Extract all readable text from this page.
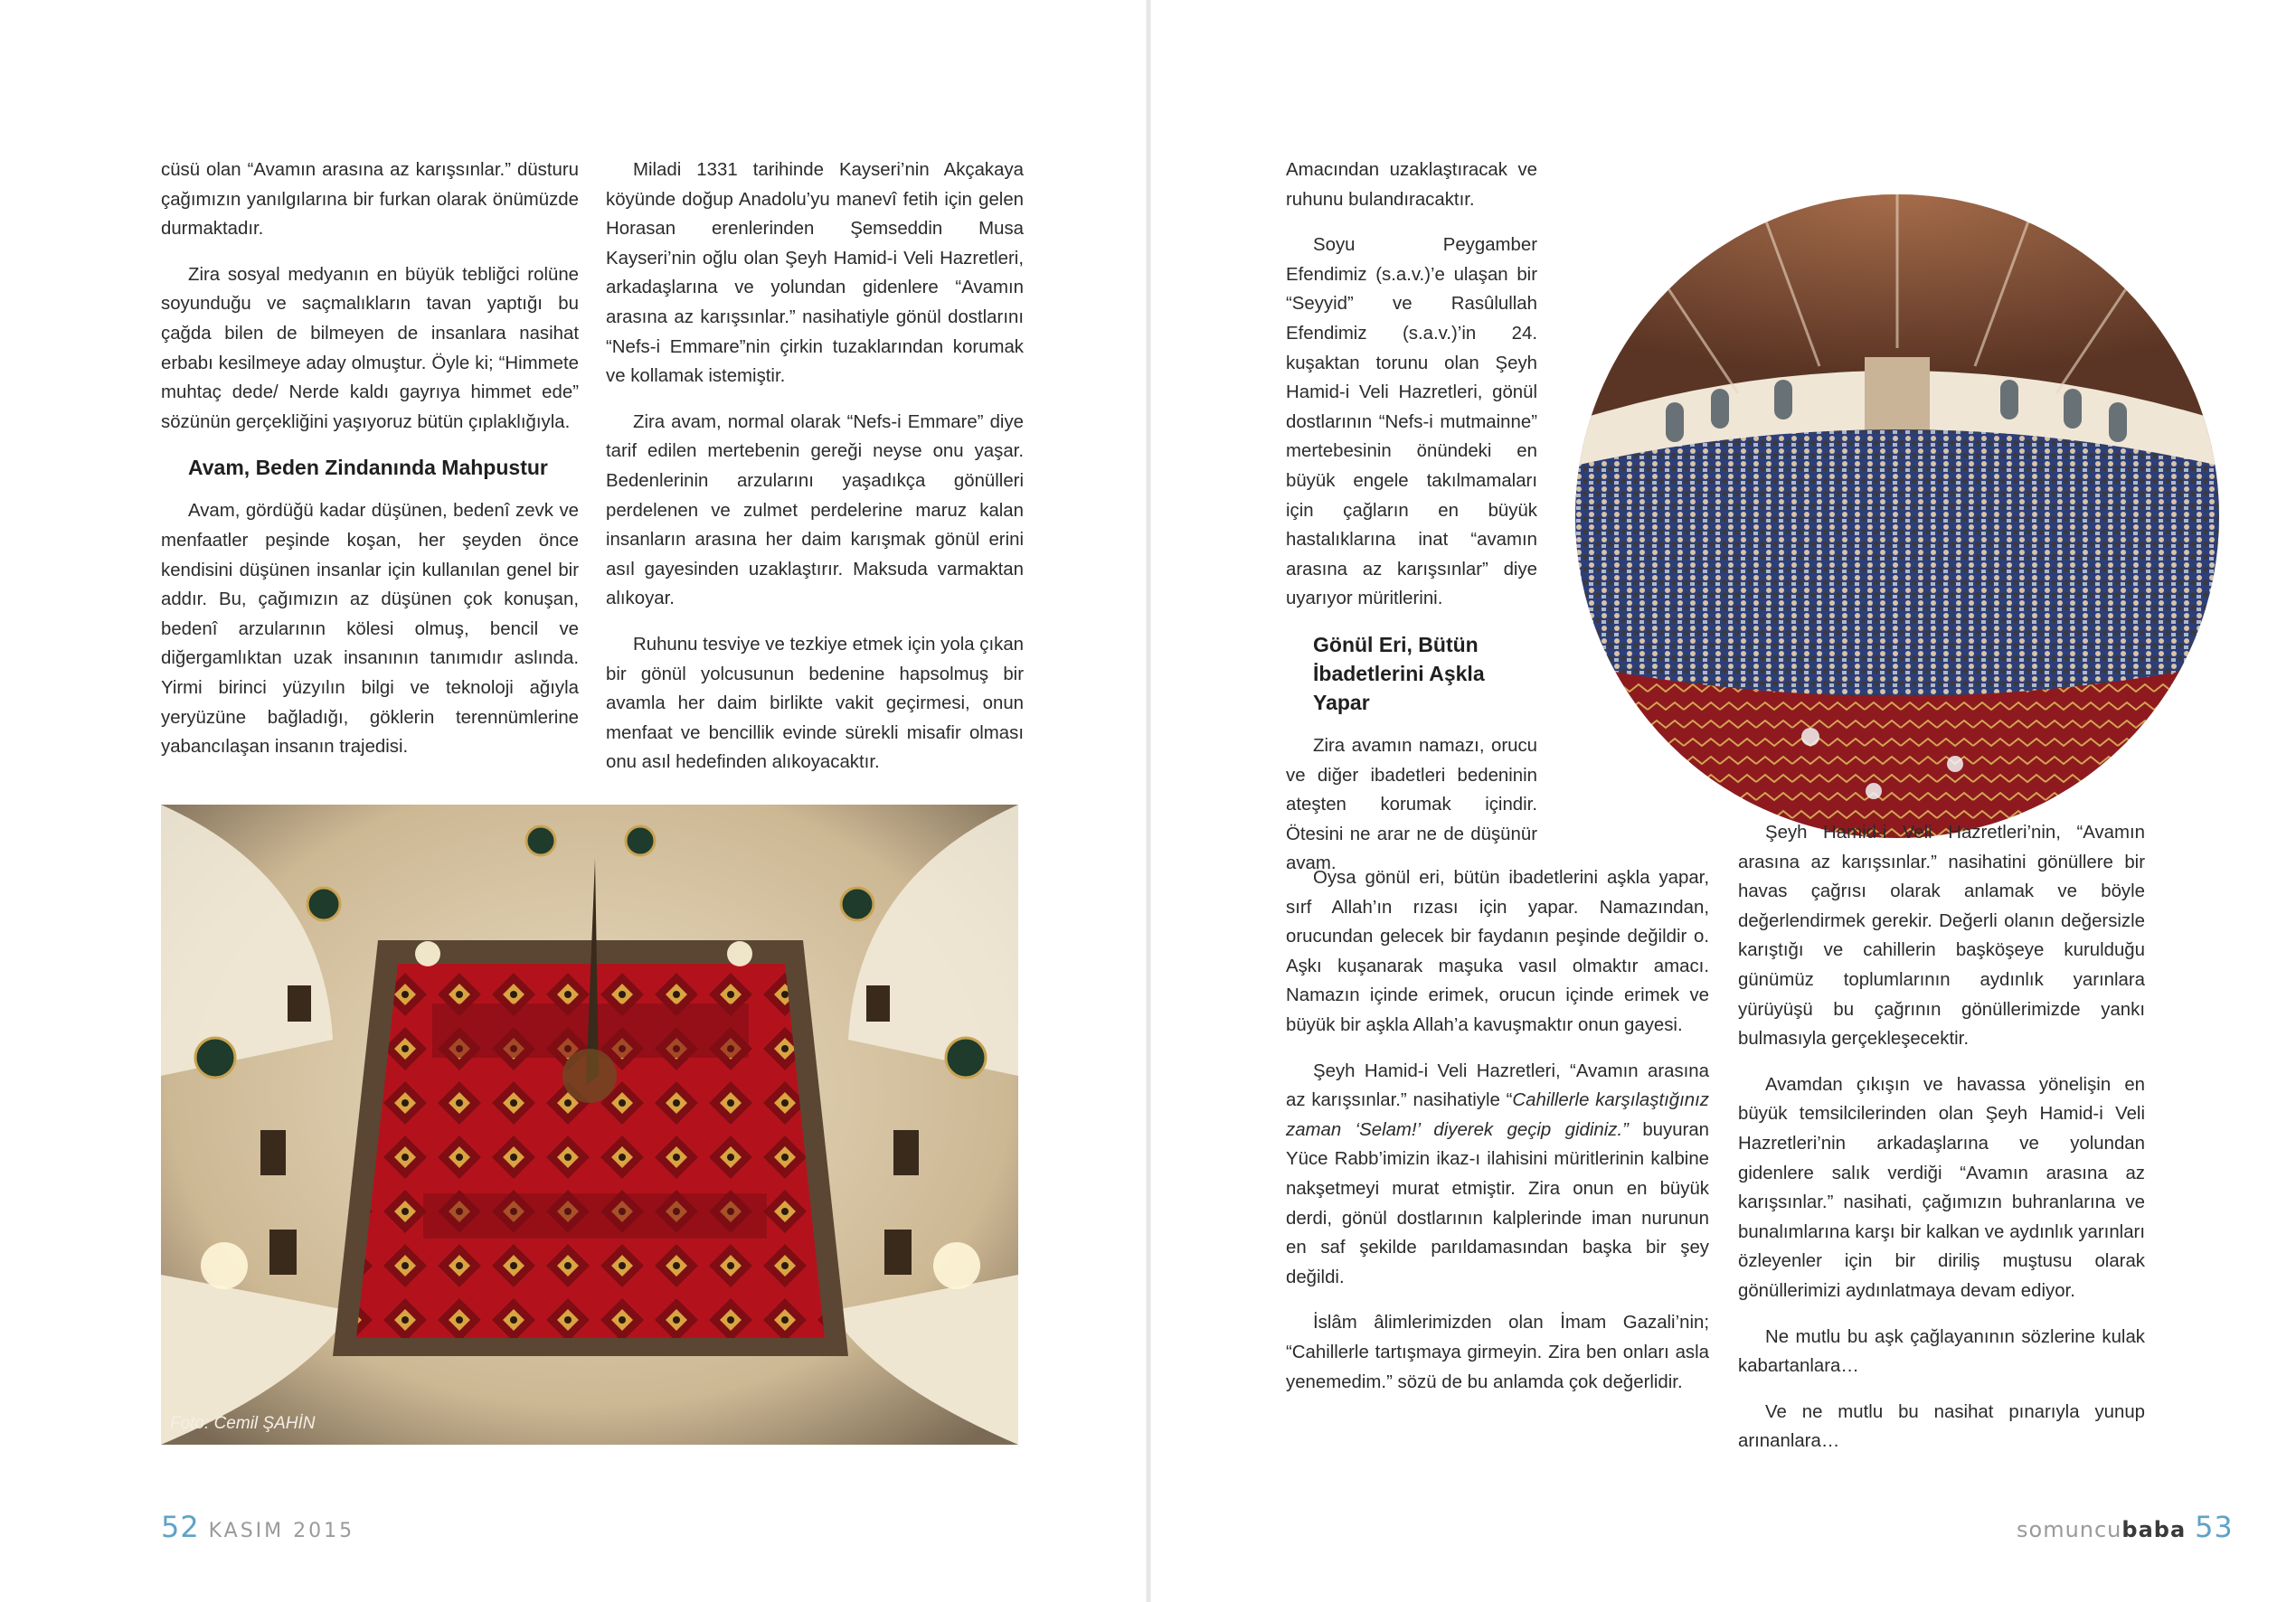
cüsü olan “Avamın arasına az karışsınlar.” düsturu çağımızın yanılgılarına bir furkan olarak önümüzde durmaktadır.

Zira sosyal medyanın en büyük tebliğci rolüne soyunduğu ve saçmalıkların tavan yaptığı bu çağda bilen de bilmeyen de insanlara nasihat erbabı kesilmeye aday olmuştur. Öyle ki; “Himmete muhtaç dede/ Nerde kaldı gayrıya himmet ede” sözünün gerçekliğini yaşıyoruz bütün çıplaklığıyla.

Avam, Beden Zindanında Mahpustur

Avam, gördüğü kadar düşünen, bedenî zevk ve menfaatler peşinde koşan, her şeyden önce kendisini düşünen insanlar için kullanılan genel bir addır. Bu, çağımızın az düşünen çok konuşan, bedenî arzularının kölesi olmuş, bencil ve diğergamlıktan uzak insanının tanımıdır aslında. Yirmi birinci yüzyılın bilgi ve teknoloji ağıyla yeryüzüne bağladığı, göklerin terennümlerine yabancılaşan insanın trajedisi.

Miladi 1331 tarihinde Kayseri’nin Akçakaya köyünde doğup Anadolu’yu manevî fetih için gelen Horasan erenlerinden Şemseddin Musa Kayseri’nin oğlu olan Şeyh Hamid-i Veli Hazretleri, arkadaşlarına ve yolundan gidenlere “Avamın arasına az karışsınlar.” nasihatiyle gönül dostlarını “Nefs-i Emmare”nin çirkin tuzaklarından korumak ve kollamak istemiştir.

Zira avam, normal olarak “Nefs-i Emmare” diye tarif edilen mertebenin gereği neyse onu yaşar. Bedenlerinin arzularını yaşadıkça gönülleri perdelenen ve zulmet perdelerine maruz kalan insanların arasına her daim karışmak gönül erini asıl gayesinden uzaklaştırır. Maksuda varmaktan alıkoyar.

Ruhunu tesviye ve tezkiye etmek için yola çıkan bir gönül yolcusunun bedenine hapsolmuş bir avamla her daim birlikte vakit geçirmesi, onun menfaat ve bencillik evinde sürekli misafir olması onu asıl hedefinden alıkoyacaktır.

Foto: Cemil ŞAHİN
52 KASIM 2015

Amacından uzaklaştıracak ve ruhunu bulandıracaktır.

Soyu Peygamber Efendimiz (s.a.v.)’e ulaşan bir “Seyyid” ve Rasûlullah Efendimiz (s.a.v.)’in 24. kuşaktan torunu olan Şeyh Hamid-i Veli Hazretleri, gönül dostlarının “Nefs-i mutmainne” mertebesinin önündeki en büyük engele takılmamaları için çağların en büyük hastalıklarına inat “avamın arasına az karışsınlar” diye uyarıyor müritlerini.

Gönül Eri, Bütün İbadetlerini Aşkla Yapar

Zira avamın namazı, orucu ve diğer ibadetleri bedeninin ateşten korumak içindir. Ötesini ne arar ne de düşünür avam.

Oysa gönül eri, bütün ibadetlerini aşkla yapar, sırf Allah’ın rızası için yapar. Namazından, orucundan gelecek bir faydanın peşinde değildir o. Aşkı kuşanarak maşuka vasıl olmaktır amacı. Namazın içinde erimek, orucun içinde erimek ve büyük bir aşkla Allah’a kavuşmaktır onun gayesi.

Şeyh Hamid-i Veli Hazretleri, “Avamın arasına az karışsınlar.” nasihatiyle “Cahillerle karşılaştığınız zaman ‘Selam!’ diyerek geçip gidiniz.” buyuran Yüce Rabb’imizin ikaz-ı ilahisini müritlerinin kalbine nakşetmeyi murat etmiştir. Zira onun en büyük derdi, gönül dostlarının kalplerinde iman nurunun en saf şekilde parıldamasından başka bir şey değildi.

İslâm âlimlerimizden olan İmam Gazali’nin; “Cahillerle tartışmaya girmeyin. Zira ben onları asla yenemedim.” sözü de bu anlamda çok değerlidir.

Şeyh Hamid-i Veli Hazretleri’nin, “Avamın arasına az karışsınlar.” nasihatini gönüllere bir havas çağrısı olarak anlamak ve böyle değerlendirmek gerekir. Değerli olanın değersizle karıştığı ve cahillerin başköşeye kurulduğu günümüz toplumlarının aydınlık yarınlara yürüyüşü bu çağrının gönüllerimizde yankı bulmasıyla gerçekleşecektir.

Avamdan çıkışın ve havassa yönelişin en büyük temsilcilerinden olan Şeyh Hamid-i Veli Hazretleri’nin arkadaşlarına ve yolundan gidenlere salık verdiği “Avamın arasına az karışsınlar.” nasihati, çağımızın buhranlarına ve bunalımlarına karşı bir kalkan ve aydınlık yarınları özleyenler için bir diriliş muştusu olarak gönüllerimizi aydınlatmaya devam ediyor.

Ne mutlu bu aşk çağlayanının sözlerine kulak kabartanlara…

Ve ne mutlu bu nasihat pınarıyla yunup arınanlara…

somuncubaba 53
